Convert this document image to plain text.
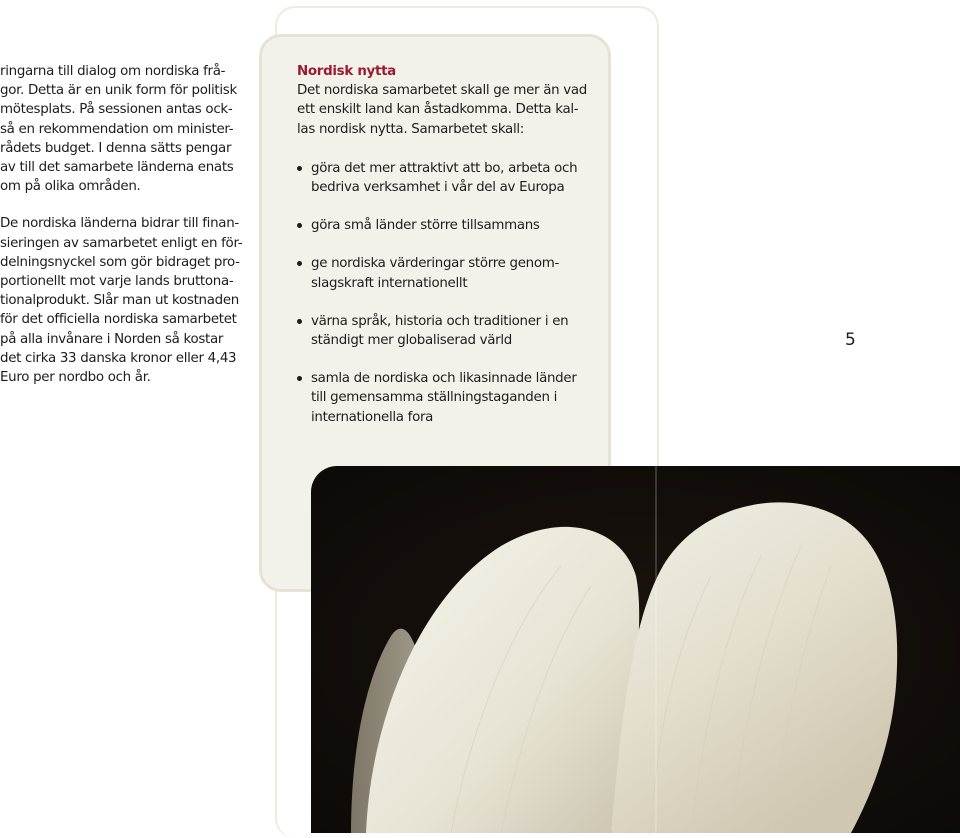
ringarna till dialog om nordiska frå-
gor. Detta är en unik form för politisk
mötesplats. På sessionen antas ock-
så en rekommendation om minister-
rådets budget. I denna sätts pengar
av till det samarbete länderna enats
om på olika områden.
De nordiska länderna bidrar till finan-
sieringen av samarbetet enligt en för-
delningsnyckel som gör bidraget pro-
portionellt mot varje lands bruttona-
tionalprodukt. Slår man ut kostnaden
för det officiella nordiska samarbetet
på alla invånare i Norden så kostar
det cirka 33 danska kronor eller 4,43
Euro per nordbo och år.
Nordisk nytta
Det nordiska samarbetet skall ge mer än vad
ett enskilt land kan åstadkomma. Detta kal-
las nordisk nytta. Samarbetet skall:
göra det mer attraktivt att bo, arbeta och
bedriva verksamhet i vår del av Europa
göra små länder större tillsammans
ge nordiska värderingar större genom-
slagskraft internationellt
värna språk, historia och traditioner i en
ständigt mer globaliserad värld
samla de nordiska och likasinnade länder
till gemensamma ställningstaganden i
internationella fora
5
